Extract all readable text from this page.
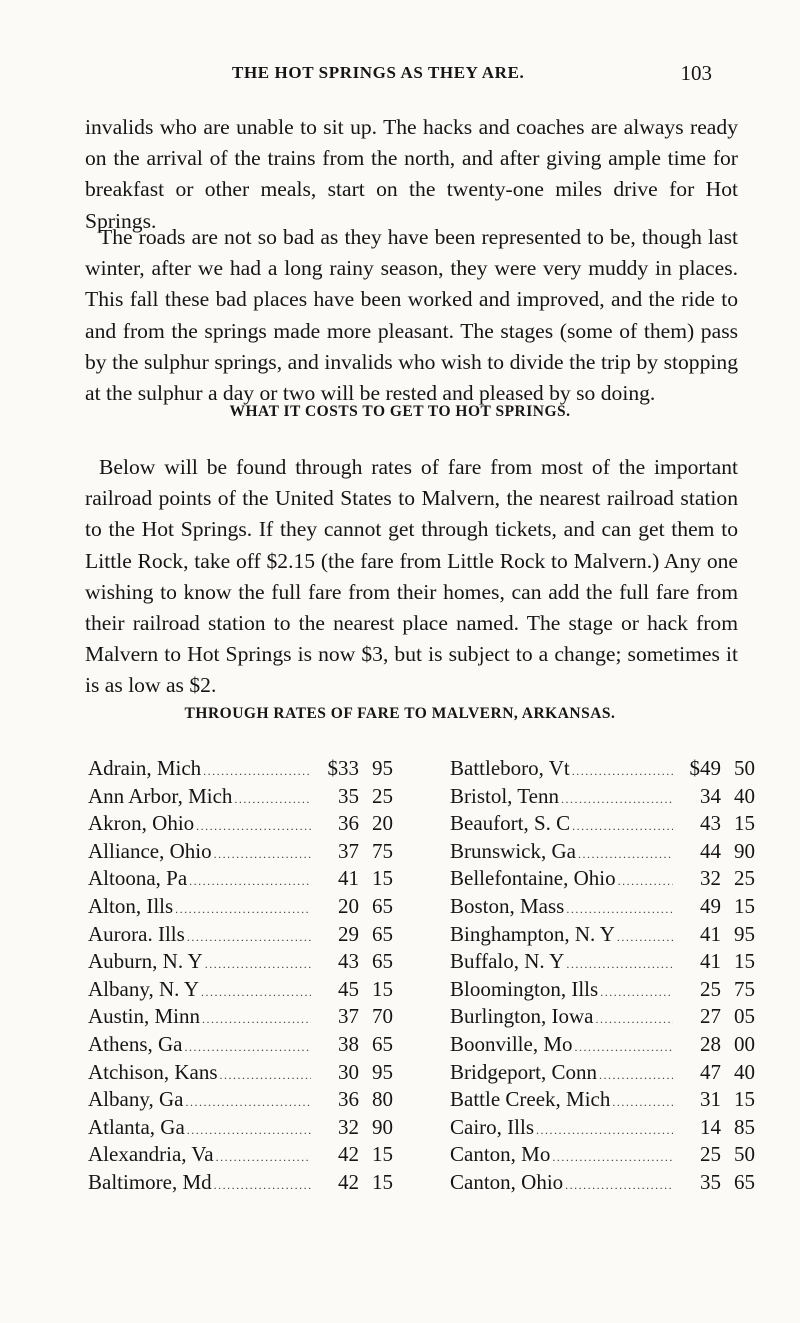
THE HOT SPRINGS AS THEY ARE.	103

invalids who are unable to sit up. The hacks and coaches are always ready on the arrival of the trains from the north, and after giving ample time for breakfast or other meals, start on the twenty-one miles drive for Hot Springs.

The roads are not so bad as they have been represented to be, though last winter, after we had a long rainy season, they were very muddy in places. This fall these bad places have been worked and improved, and the ride to and from the springs made more pleasant. The stages (some of them) pass by the sulphur springs, and invalids who wish to divide the trip by stopping at the sulphur a day or two will be rested and pleased by so doing.

WHAT IT COSTS TO GET TO HOT SPRINGS.

Below will be found through rates of fare from most of the important railroad points of the United States to Malvern, the nearest railroad station to the Hot Springs. If they cannot get through tickets, and can get them to Little Rock, take off $2.15 (the fare from Little Rock to Malvern.) Any one wishing to know the full fare from their homes, can add the full fare from their railroad station to the nearest place named. The stage or hack from Malvern to Hot Springs is now $3, but is subject to a change; sometimes it is as low as $2.

THROUGH RATES OF FARE TO MALVERN, ARKANSAS.
Adrain, Mich .....	$33 95
Ann Arbor, Mich .....	35 25
Akron, Ohio .....	36 20
Alliance, Ohio .....	37 75
Altoona, Pa .....	41 15
Alton, Ills .....	20 65
Aurora. Ills .....	29 65
Auburn, N. Y .....	43 65
Albany, N. Y .....	45 15
Austin, Minn .....	37 70
Athens, Ga .....	38 65
Atchison, Kans .....	30 95
Albany, Ga .....	36 80
Atlanta, Ga .....	32 90
Alexandria, Va .....	42 15
Baltimore, Md .....	42 15
Battleboro, Vt .....	$49 50
Bristol, Tenn .....	34 40
Beaufort, S. C .....	43 15
Brunswick, Ga .....	44 90
Bellefontaine, Ohio .....	32 25
Boston, Mass .....	49 15
Binghampton, N. Y .....	41 95
Buffalo, N. Y .....	41 15
Bloomington, Ills .....	25 75
Burlington, Iowa .....	27 05
Boonville, Mo .....	28 00
Bridgeport, Conn .....	47 40
Battle Creek, Mich .....	31 15
Cairo, Ills .....	14 85
Canton, Mo .....	25 50
Canton, Ohio .....	35 65
